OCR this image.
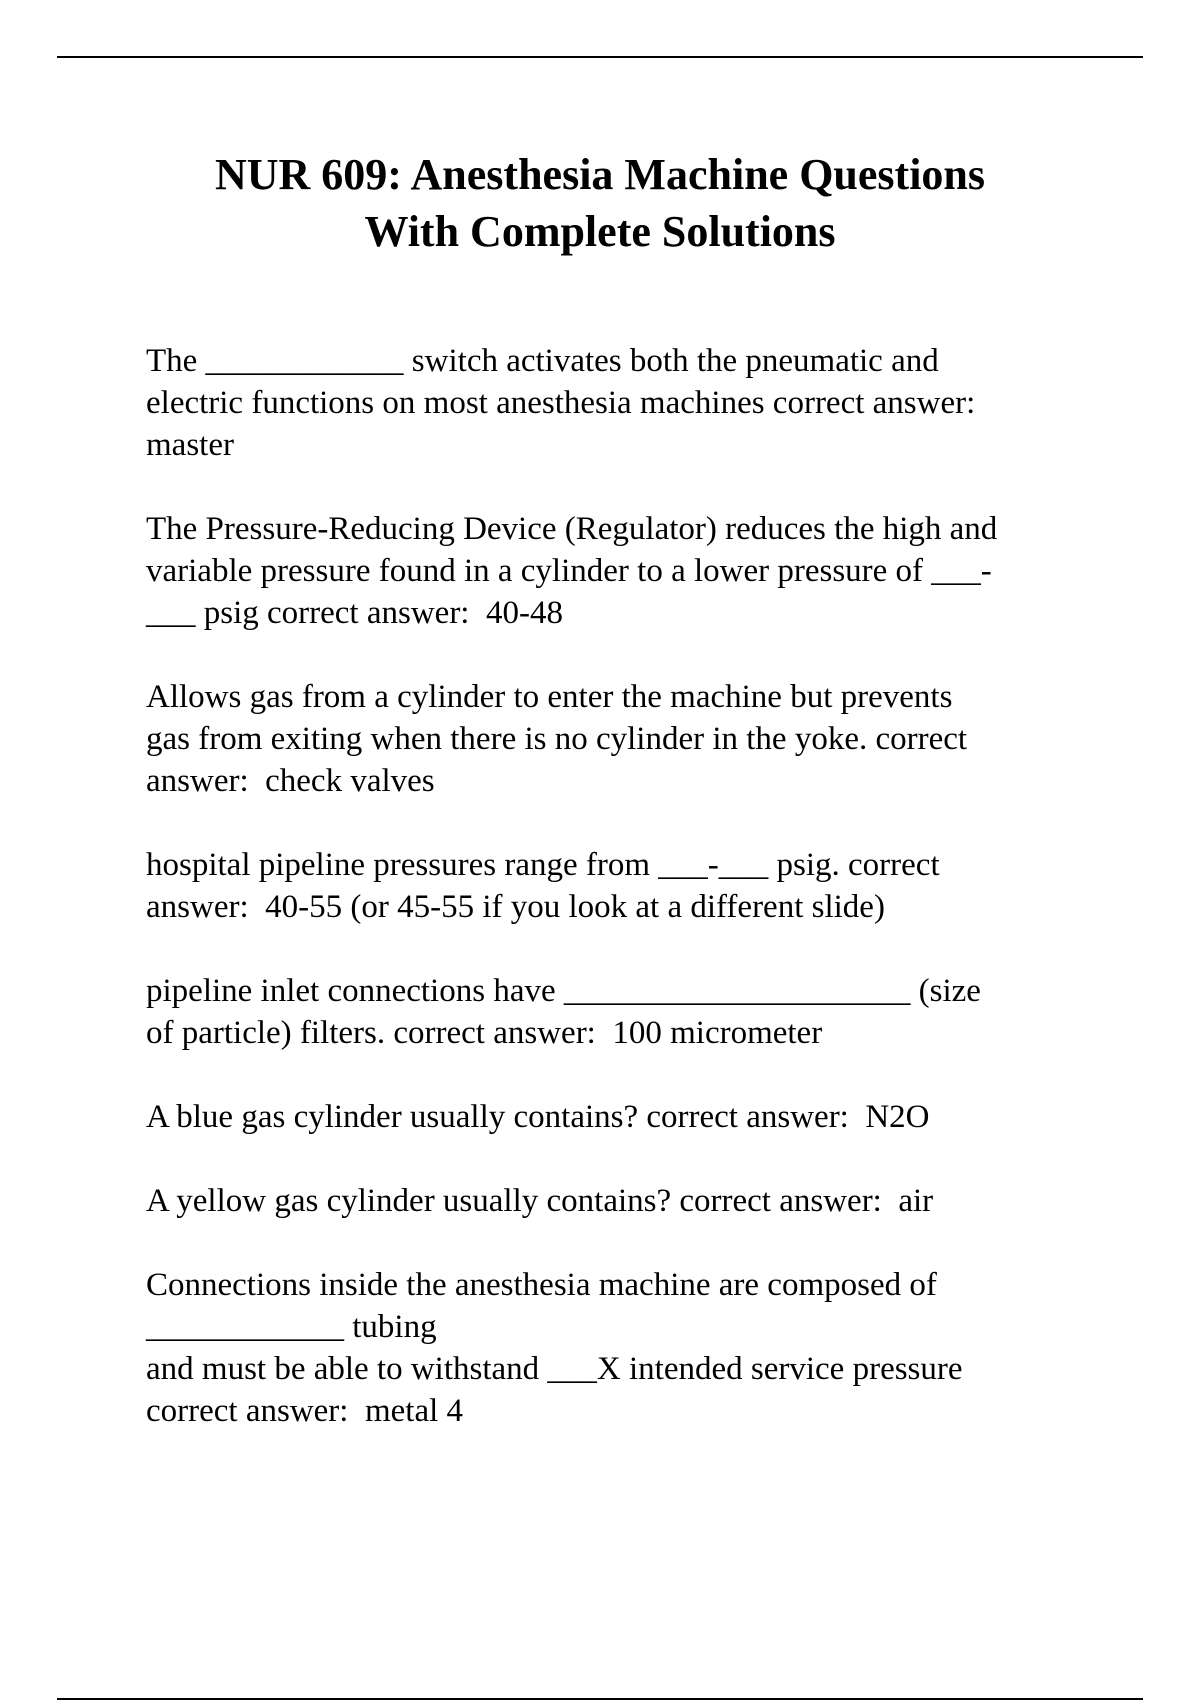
NUR 609: Anesthesia Machine Questions
With Complete Solutions

The ____________ switch activates both the pneumatic and
electric functions on most anesthesia machines correct answer:
master

The Pressure-Reducing Device (Regulator) reduces the high and
variable pressure found in a cylinder to a lower pressure of ___-
___ psig correct answer:  40-48

Allows gas from a cylinder to enter the machine but prevents
gas from exiting when there is no cylinder in the yoke. correct
answer:  check valves

hospital pipeline pressures range from ___-___ psig. correct
answer:  40-55 (or 45-55 if you look at a different slide)

pipeline inlet connections have _____________________ (size
of particle) filters. correct answer:  100 micrometer

A blue gas cylinder usually contains? correct answer:  N2O

A yellow gas cylinder usually contains? correct answer:  air

Connections inside the anesthesia machine are composed of
____________ tubing
and must be able to withstand ___X intended service pressure
correct answer:  metal 4
